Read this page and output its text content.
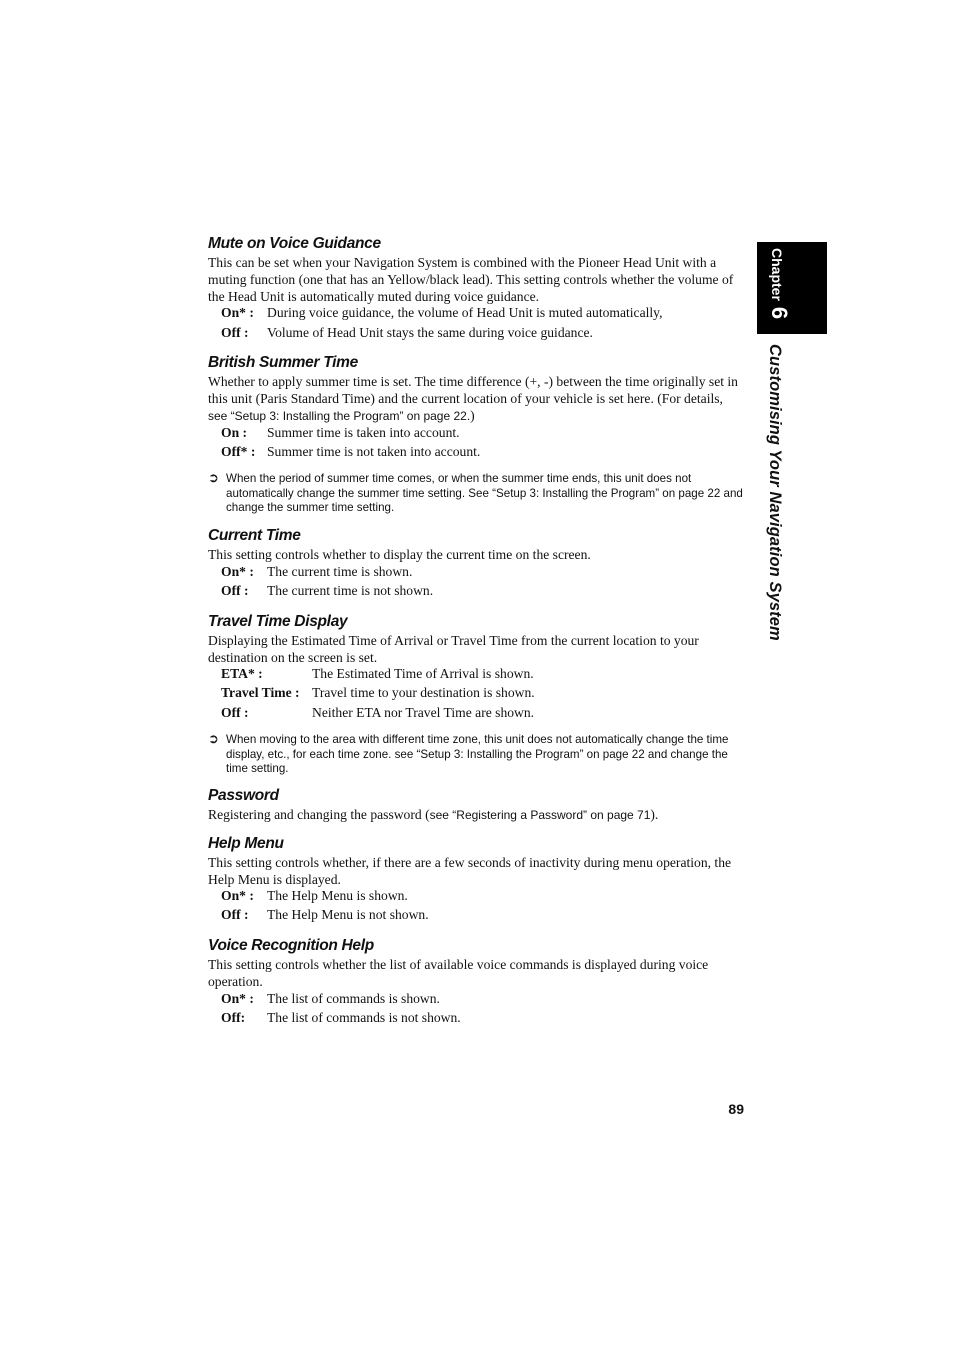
Chapter6
Customising Your Navigation System
Mute on Voice Guidance
This can be set when your Navigation System is combined with the Pioneer Head Unit with a muting function (one that has an Yellow/black lead). This setting controls whether the volume of the Head Unit is automatically muted during voice guidance.
On* : During voice guidance, the volume of Head Unit is muted automatically,
Off : Volume of Head Unit stays the same during voice guidance.
British Summer Time
Whether to apply summer time is set. The time difference (+, -) between the time originally set in this unit (Paris Standard Time) and the current location of your vehicle is set here. (For details, see “Setup 3: Installing the Program” on page 22.)
On : Summer time is taken into account.
Off* : Summer time is not taken into account.
➲ When the period of summer time comes, or when the summer time ends, this unit does not automatically change the summer time setting. See “Setup 3: Installing the Program” on page 22 and change the summer time setting.
Current Time
This setting controls whether to display the current time on the screen.
On* : The current time is shown.
Off : The current time is not shown.
Travel Time Display
Displaying the Estimated Time of Arrival or Travel Time from the current location to your destination on the screen is set.
ETA* :	The Estimated Time of Arrival is shown.
Travel Time : Travel time to your destination is shown.
Off :	Neither ETA nor Travel Time are shown.
➲ When moving to the area with different time zone, this unit does not automatically change the time display, etc., for each time zone. see “Setup 3: Installing the Program” on page 22 and change the time setting.
Password
Registering and changing the password (see “Registering a Password” on page 71).
Help Menu
This setting controls whether, if there are a few seconds of inactivity during menu operation, the Help Menu is displayed.
On* : The Help Menu is shown.
Off : The Help Menu is not shown.
Voice Recognition Help
This setting controls whether the list of available voice commands is displayed during voice operation.
On* : The list of commands is shown.
Off: The list of commands is not shown.
89
